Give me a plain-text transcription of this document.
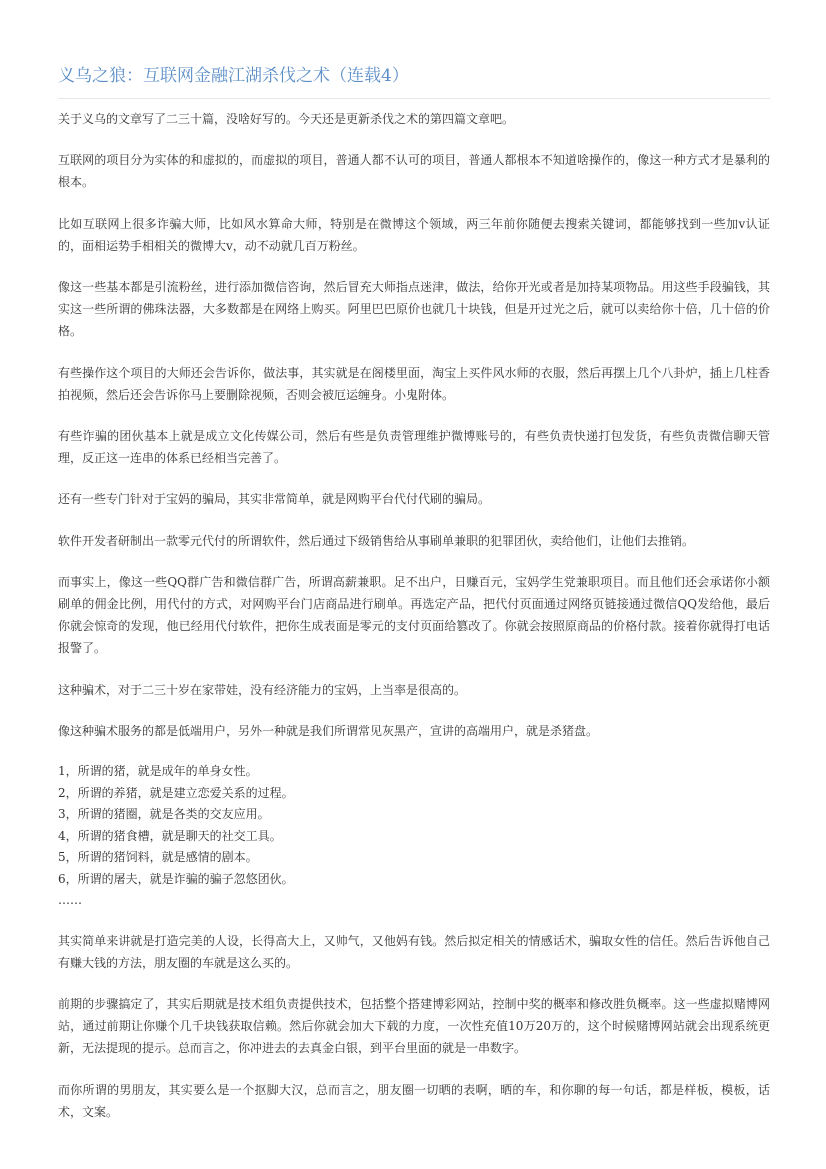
义乌之狼：互联网金融江湖杀伐之术（连载4）

关于义乌的文章写了二三十篇，没啥好写的。今天还是更新杀伐之术的第四篇文章吧。

互联网的项目分为实体的和虚拟的，而虚拟的项目，普通人都不认可的项目，普通人都根本不知道啥操作的，像这一种方式才是暴利的根本。

比如互联网上很多诈骗大师，比如风水算命大师，特别是在微博这个领域，两三年前你随便去搜索关键词，都能够找到一些加v认证的，面相运势手相相关的微博大v，动不动就几百万粉丝。

像这一些基本都是引流粉丝，进行添加微信咨询，然后冒充大师指点迷津，做法，给你开光或者是加持某项物品。用这些手段骗钱，其实这一些所谓的佛珠法器，大多数都是在网络上购买。阿里巴巴原价也就几十块钱，但是开过光之后，就可以卖给你十倍，几十倍的价格。

有些操作这个项目的大师还会告诉你，做法事，其实就是在阁楼里面，淘宝上买件风水师的衣服，然后再摆上几个八卦炉，插上几柱香拍视频，然后还会告诉你马上要删除视频，否则会被厄运缠身。小鬼附体。

有些诈骗的团伙基本上就是成立文化传媒公司，然后有些是负责管理维护微博账号的，有些负责快递打包发货，有些负责微信聊天管理，反正这一连串的体系已经相当完善了。

还有一些专门针对于宝妈的骗局，其实非常简单，就是网购平台代付代刷的骗局。

软件开发者研制出一款零元代付的所谓软件，然后通过下级销售给从事刷单兼职的犯罪团伙，卖给他们，让他们去推销。

而事实上，像这一些QQ群广告和微信群广告，所谓高薪兼职。足不出户，日赚百元，宝妈学生党兼职项目。而且他们还会承诺你小额刷单的佣金比例，用代付的方式，对网购平台门店商品进行刷单。再选定产品，把代付页面通过网络页链接通过微信QQ发给他，最后你就会惊奇的发现，他已经用代付软件，把你生成表面是零元的支付页面给篡改了。你就会按照原商品的价格付款。接着你就得打电话报警了。

这种骗术，对于二三十岁在家带娃，没有经济能力的宝妈，上当率是很高的。

像这种骗术服务的都是低端用户，另外一种就是我们所谓常见灰黑产，宣讲的高端用户，就是杀猪盘。

1，所谓的猪，就是成年的单身女性。
2，所谓的养猪，就是建立恋爱关系的过程。
3，所谓的猪圈，就是各类的交友应用。
4，所谓的猪食槽，就是聊天的社交工具。
5，所谓的猪饲料，就是感情的剧本。
6，所谓的屠夫，就是诈骗的骗子忽悠团伙。
……

其实简单来讲就是打造完美的人设，长得高大上，又帅气，又他妈有钱。然后拟定相关的情感话术，骗取女性的信任。然后告诉他自己有赚大钱的方法，朋友圈的车就是这么买的。

前期的步骤搞定了，其实后期就是技术组负责提供技术，包括整个搭建博彩网站，控制中奖的概率和修改胜负概率。这一些虚拟赌博网站，通过前期让你赚个几千块钱获取信赖。然后你就会加大下载的力度，一次性充值10万20万的，这个时候赌博网站就会出现系统更新，无法提现的提示。总而言之，你冲进去的去真金白银，到平台里面的就是一串数字。

而你所谓的男朋友，其实要么是一个抠脚大汉，总而言之，朋友圈一切晒的表啊，晒的车，和你聊的每一句话，都是样板，模板，话术，文案。
